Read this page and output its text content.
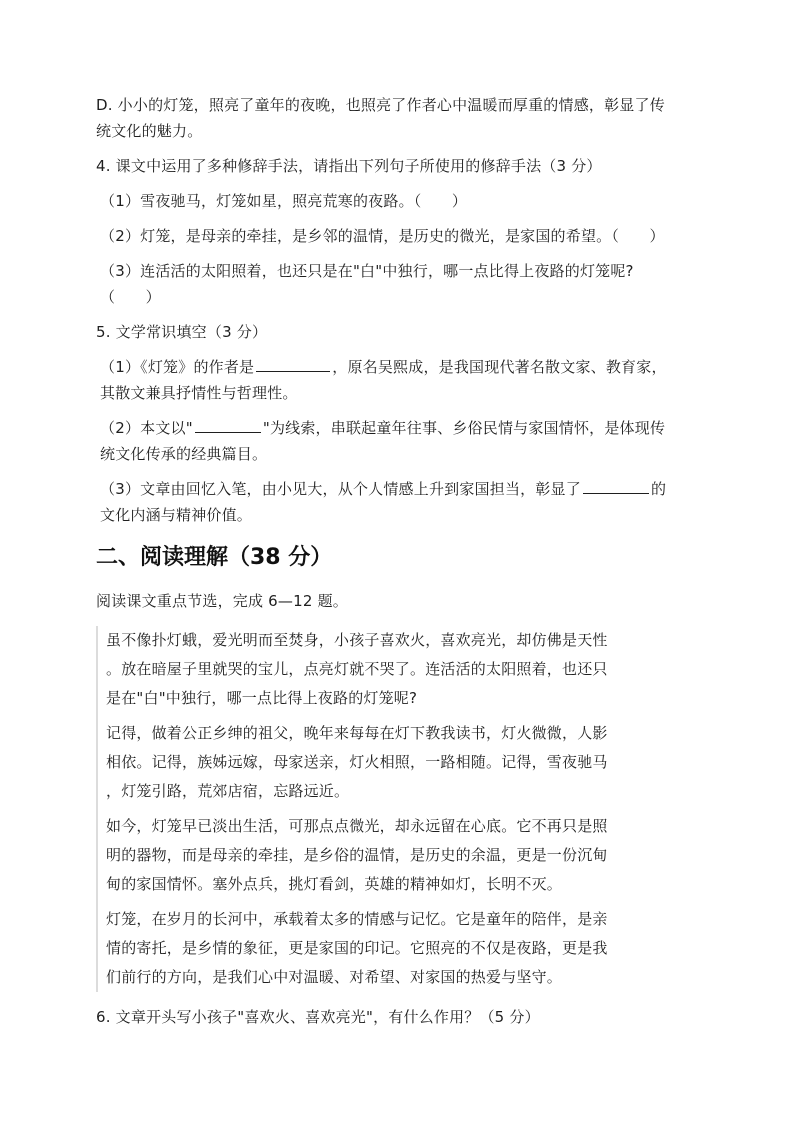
D. 小小的灯笼，照亮了童年的夜晚，也照亮了作者心中温暖而厚重的情感，彰显了传
统文化的魅力。
4. 课文中运用了多种修辞手法，请指出下列句子所使用的修辞手法（3 分）
（1）雪夜驰马，灯笼如星，照亮荒寒的夜路。（　　）
（2）灯笼，是母亲的牵挂，是乡邻的温情，是历史的微光，是家国的希望。（　　）
（3）连活活的太阳照着，也还只是在"白"中独行，哪一点比得上夜路的灯笼呢?
（　　）
5. 文学常识填空（3 分）
（1）《灯笼》的作者是	，原名吴熙成，是我国现代著名散文家、教育家，
其散文兼具抒情性与哲理性。
（2）本文以"	"为线索，串联起童年往事、乡俗民情与家国情怀，是体现传
统文化传承的经典篇目。
（3）文章由回忆入笔，由小见大，从个人情感上升到家国担当，彰显了	的
文化内涵与精神价值。
二、阅读理解（38 分）
阅读课文重点节选，完成 6—12 题。
虽不像扑灯蛾，爱光明而至焚身，小孩子喜欢火，喜欢亮光，却仿佛是天性
。放在暗屋子里就哭的宝儿，点亮灯就不哭了。连活活的太阳照着，也还只
是在"白"中独行，哪一点比得上夜路的灯笼呢?
记得，做着公正乡绅的祖父，晚年来每每在灯下教我读书，灯火微微，人影
相依。记得，族姊远嫁，母家送亲，灯火相照，一路相随。记得，雪夜驰马
，灯笼引路，荒郊店宿，忘路远近。
如今，灯笼早已淡出生活，可那点点微光，却永远留在心底。它不再只是照
明的器物，而是母亲的牵挂，是乡俗的温情，是历史的余温，更是一份沉甸
甸的家国情怀。塞外点兵，挑灯看剑，英雄的精神如灯，长明不灭。
灯笼，在岁月的长河中，承载着太多的情感与记忆。它是童年的陪伴，是亲
情的寄托，是乡情的象征，更是家国的印记。它照亮的不仅是夜路，更是我
们前行的方向，是我们心中对温暖、对希望、对家国的热爱与坚守。
6. 文章开头写小孩子"喜欢火、喜欢亮光"，有什么作用？（5 分）
